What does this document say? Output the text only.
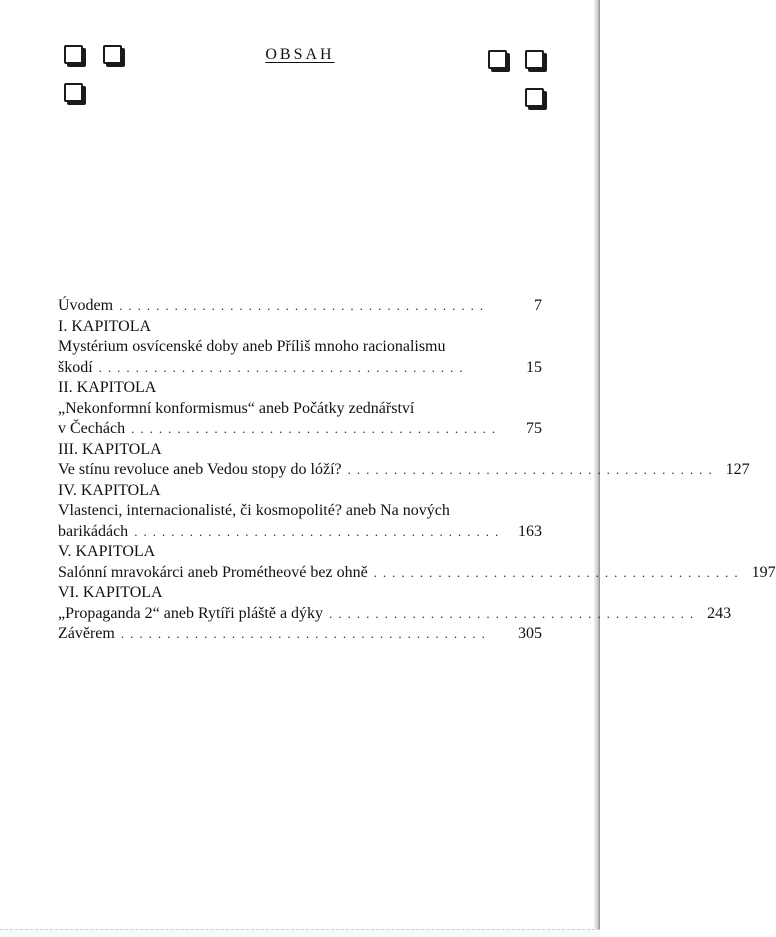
OBSAH
Úvodem ........................................	7
I. KAPITOLA
Mystérium osvícenské doby aneb Příliš mnoho racionalismu
škodí ........................................	15
II. KAPITOLA
„Nekonformní konformismus“ aneb Počátky zednářství
v Čechách ........................................	75
III. KAPITOLA
Ve stínu revoluce aneb Vedou stopy do lóží? ........................................ 127
IV. KAPITOLA
Vlastenci, internacionalisté, či kosmopolité? aneb Na nových
barikádách ........................................ 163
V. KAPITOLA
Salónní mravokárci aneb Prométheové bez ohně ........................................ 197
VI. KAPITOLA
„Propaganda 2“ aneb Rytíři pláště a dýky ........................................ 243
Závěrem ........................................	305
